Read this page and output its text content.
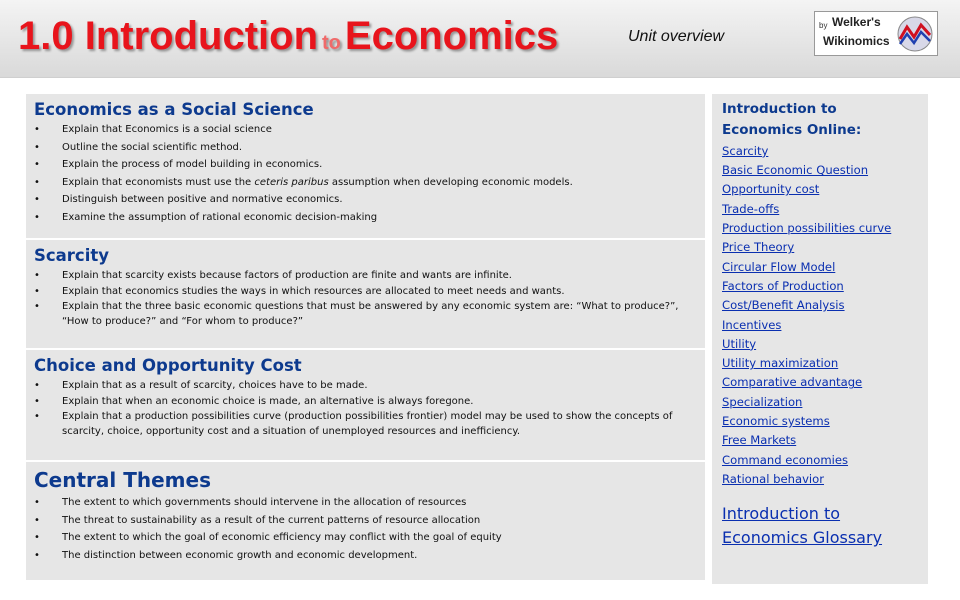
1.0 Introduction to Economics	Unit overview
by Welker's
Wikinomics
Economics as a Social Science
• Explain that Economics is a social science
• Outline the social scientific method.
• Explain the process of model building in economics.
• Explain that economists must use the ceteris paribus assumption when developing economic models.
• Distinguish between positive and normative economics.
• Examine the assumption of rational economic decision-making
Scarcity
• Explain that scarcity exists because factors of production are finite and wants are infinite.
• Explain that economics studies the ways in which resources are allocated to meet needs and wants.
• Explain that the three basic economic questions that must be answered by any economic system are: “What to produce?”, “How to produce?” and “For whom to produce?”
Choice and Opportunity Cost
• Explain that as a result of scarcity, choices have to be made.
• Explain that when an economic choice is made, an alternative is always foregone.
• Explain that a production possibilities curve (production possibilities frontier) model may be used to show the concepts of scarcity, choice, opportunity cost and a situation of unemployed resources and inefficiency.
Central Themes
• The extent to which governments should intervene in the allocation of resources
• The threat to sustainability as a result of the current patterns of resource allocation
• The extent to which the goal of economic efficiency may conflict with the goal of equity
• The distinction between economic growth and economic development.
Introduction to Economics Online:
Scarcity
Basic Economic Question
Opportunity cost
Trade-offs
Production possibilities curve
Price Theory
Circular Flow Model
Factors of Production
Cost/Benefit Analysis
Incentives
Utility
Utility maximization
Comparative advantage
Specialization
Economic systems
Free Markets
Command economies
Rational behavior
Introduction to Economics Glossary
